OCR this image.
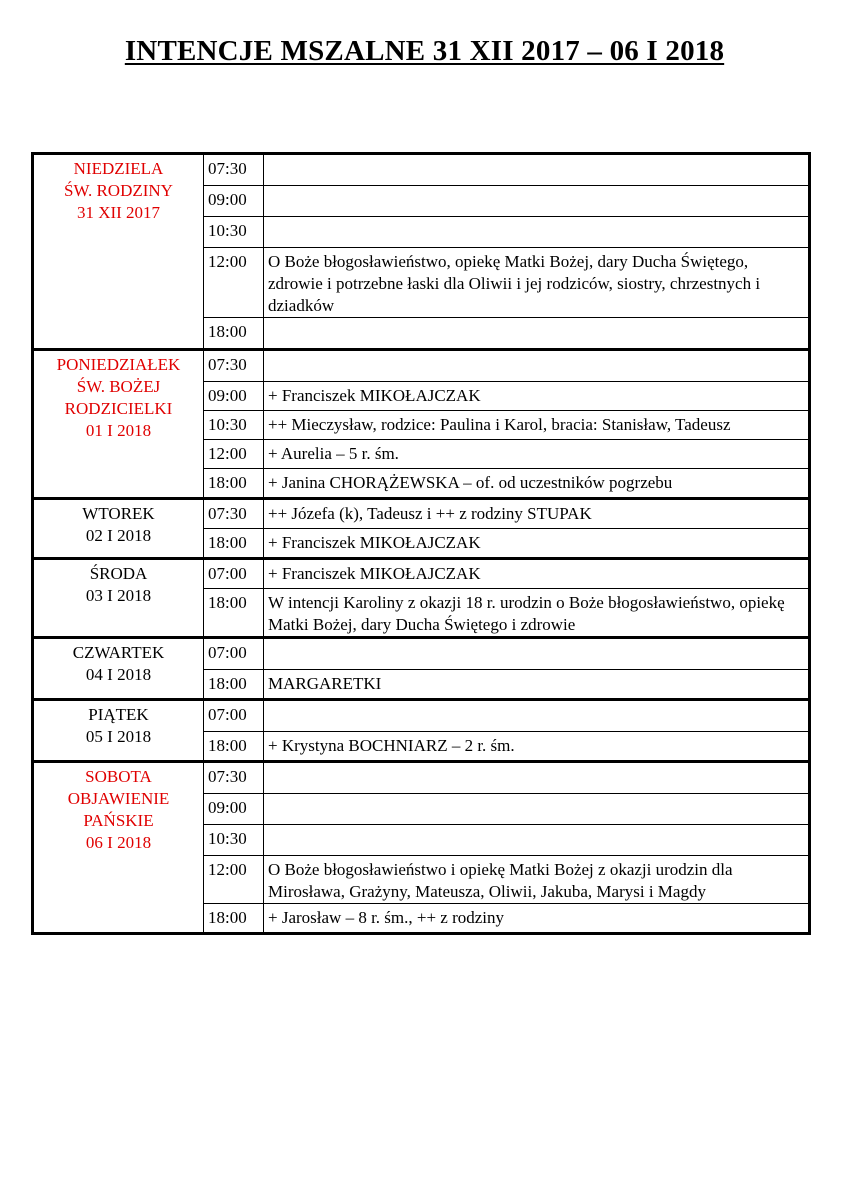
INTENCJE MSZALNE 31 XII 2017 – 06 I 2018
NIEDZIELA
ŚW. RODZINY
31 XII 2017	07:30	
	09:00	
	10:30	
	12:00	O Boże błogosławieństwo, opiekę Matki Bożej, dary Ducha Świętego, zdrowie i potrzebne łaski dla Oliwii i jej rodziców, siostry, chrzestnych i dziadków
	18:00	

PONIEDZIAŁEK
ŚW. BOŻEJ
RODZICIELKI
01 I 2018	07:30	
	09:00	+ Franciszek MIKOŁAJCZAK
	10:30	++ Mieczysław, rodzice: Paulina i Karol, bracia: Stanisław, Tadeusz
	12:00	+ Aurelia – 5 r. śm.
	18:00	+ Janina CHORĄŻEWSKA – of. od uczestników pogrzebu

WTOREK
02 I 2018	07:30	++ Józefa (k), Tadeusz i ++ z rodziny STUPAK
	18:00	+ Franciszek MIKOŁAJCZAK

ŚRODA
03 I 2018	07:00	+ Franciszek MIKOŁAJCZAK
	18:00	W intencji Karoliny z okazji 18 r. urodzin o Boże błogosławieństwo, opiekę Matki Bożej, dary Ducha Świętego i zdrowie

CZWARTEK
04 I 2018	07:00	
	18:00	MARGARETKI

PIĄTEK
05 I 2018	07:00	
	18:00	+ Krystyna BOCHNIARZ – 2 r. śm.

SOBOTA
OBJAWIENIE
PAŃSKIE
06 I 2018	07:30	
	09:00	
	10:30	
	12:00	O Boże błogosławieństwo i opiekę Matki Bożej z okazji urodzin dla Mirosława, Grażyny, Mateusza, Oliwii, Jakuba, Marysi i Magdy
	18:00	+ Jarosław – 8 r. śm., ++ z rodziny
